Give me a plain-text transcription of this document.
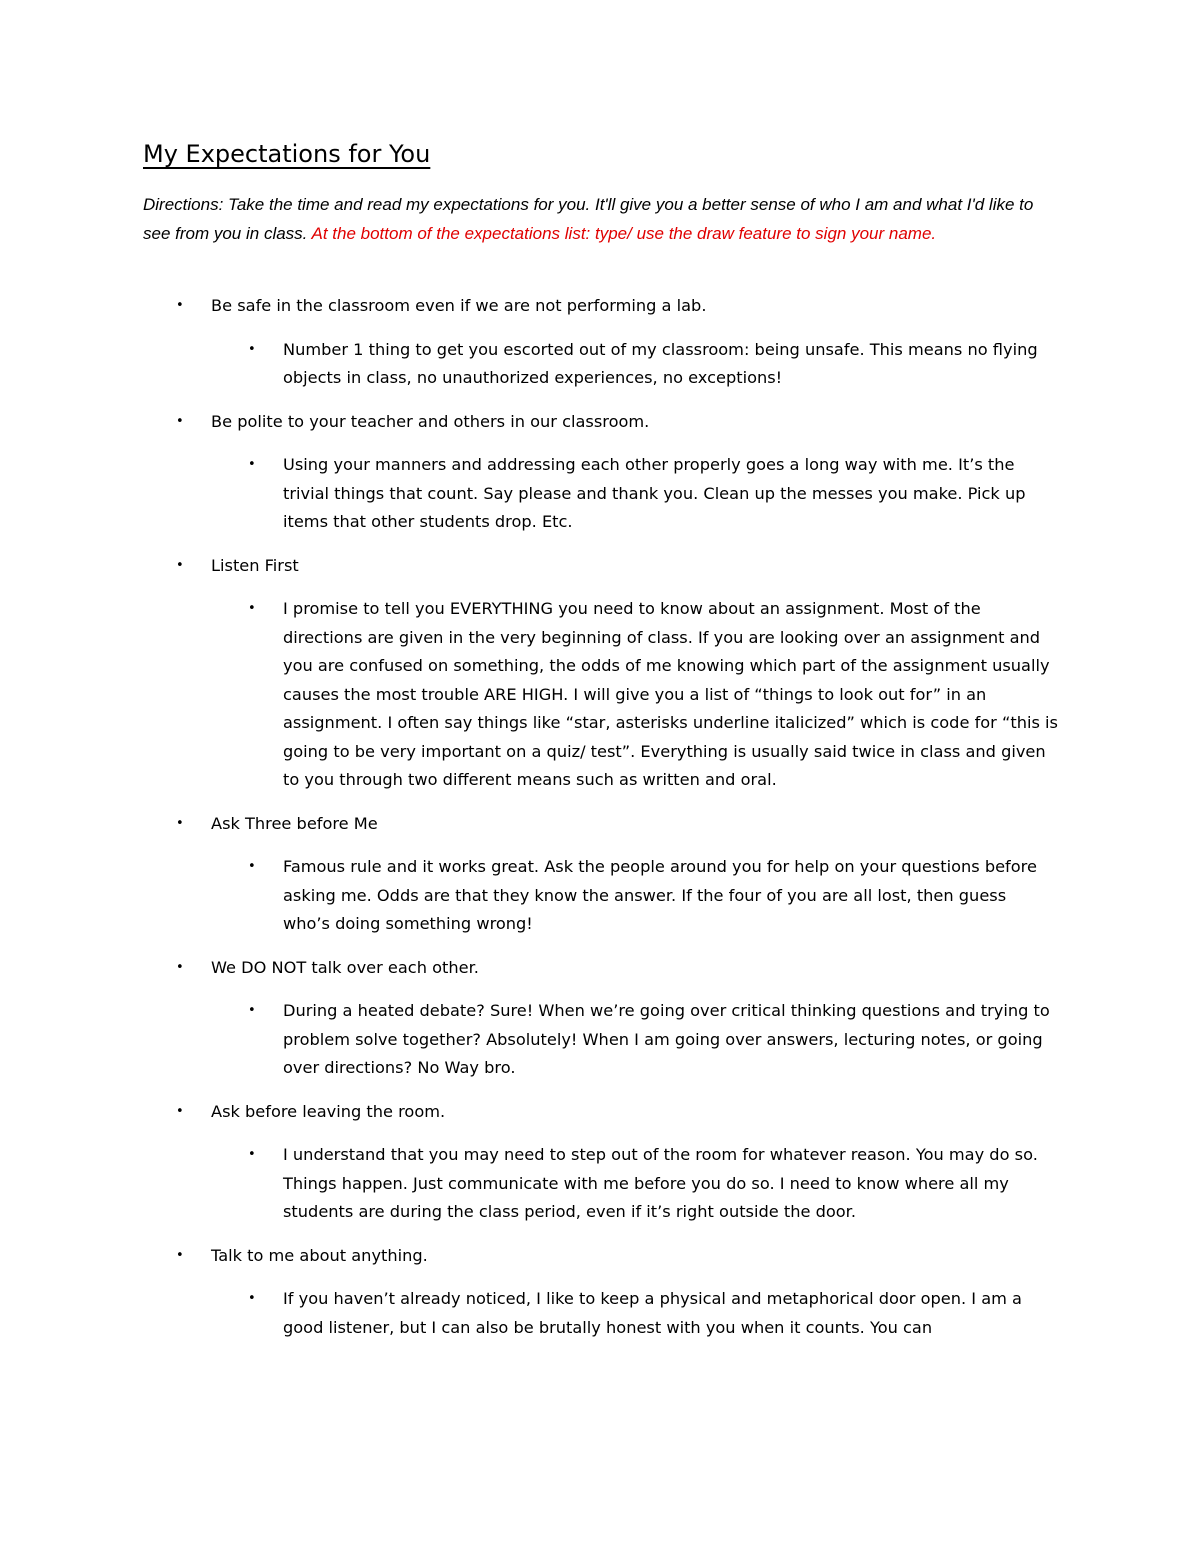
My Expectations for You
Directions: Take the time and read my expectations for you. It'll give you a better sense of who I am and what I'd like to see from you in class. At the bottom of the expectations list: type/ use the draw feature to sign your name.
• Be safe in the classroom even if we are not performing a lab.
• Number 1 thing to get you escorted out of my classroom: being unsafe. This means no flying objects in class, no unauthorized experiences, no exceptions!
• Be polite to your teacher and others in our classroom.
• Using your manners and addressing each other properly goes a long way with me. It’s the trivial things that count. Say please and thank you. Clean up the messes you make. Pick up items that other students drop. Etc.
• Listen First
• I promise to tell you EVERYTHING you need to know about an assignment. Most of the directions are given in the very beginning of class. If you are looking over an assignment and you are confused on something, the odds of me knowing which part of the assignment usually causes the most trouble ARE HIGH. I will give you a list of “things to look out for” in an assignment. I often say things like “star, asterisks underline italicized” which is code for “this is going to be very important on a quiz/ test”. Everything is usually said twice in class and given to you through two different means such as written and oral.
• Ask Three before Me
• Famous rule and it works great. Ask the people around you for help on your questions before asking me. Odds are that they know the answer. If the four of you are all lost, then guess who’s doing something wrong!
• We DO NOT talk over each other.
• During a heated debate? Sure! When we’re going over critical thinking questions and trying to problem solve together? Absolutely! When I am going over answers, lecturing notes, or going over directions? No Way bro.
• Ask before leaving the room.
• I understand that you may need to step out of the room for whatever reason. You may do so. Things happen. Just communicate with me before you do so. I need to know where all my students are during the class period, even if it’s right outside the door.
• Talk to me about anything.
• If you haven’t already noticed, I like to keep a physical and metaphorical door open. I am a good listener, but I can also be brutally honest with you when it counts. You can
